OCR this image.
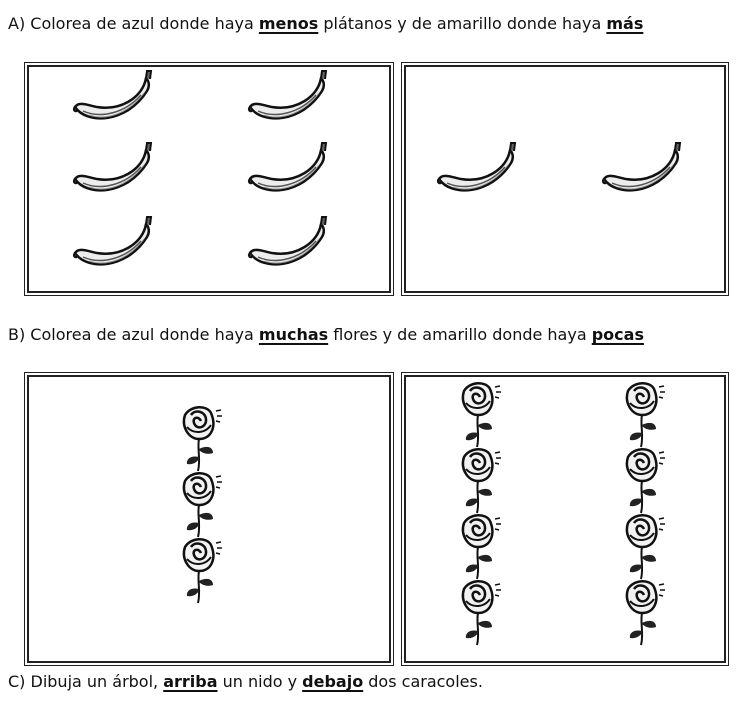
A) Colorea de azul donde haya menos plátanos y de amarillo donde haya más
B) Colorea de azul donde haya muchas flores y de amarillo donde haya pocas
C) Dibuja un árbol, arriba un nido y debajo dos caracoles.
